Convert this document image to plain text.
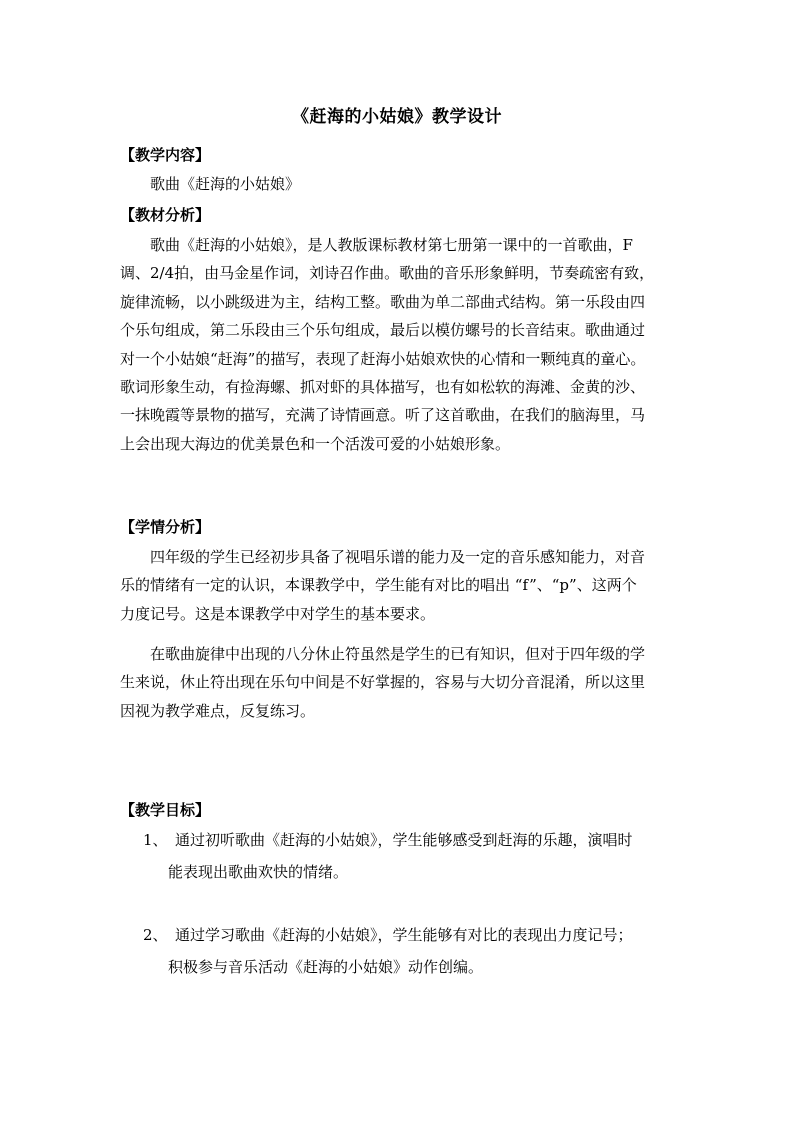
《赶海的小姑娘》教学设计
【教学内容】
歌曲《赶海的小姑娘》
【教材分析】
歌曲《赶海的小姑娘》，是人教版课标教材第七册第一课中的一首歌曲，F
调、2/4拍，由马金星作词，刘诗召作曲。歌曲的音乐形象鲜明，节奏疏密有致，
旋律流畅，以小跳级进为主，结构工整。歌曲为单二部曲式结构。第一乐段由四
个乐句组成，第二乐段由三个乐句组成，最后以模仿螺号的长音结束。歌曲通过
对一个小姑娘“赶海”的描写，表现了赶海小姑娘欢快的心情和一颗纯真的童心。
歌词形象生动，有捡海螺、抓对虾的具体描写，也有如松软的海滩、金黄的沙、
一抹晚霞等景物的描写，充满了诗情画意。听了这首歌曲，在我们的脑海里，马
上会出现大海边的优美景色和一个活泼可爱的小姑娘形象。
【学情分析】
四年级的学生已经初步具备了视唱乐谱的能力及一定的音乐感知能力，对音
乐的情绪有一定的认识，本课教学中，学生能有对比的唱出 “f”、“p”、这两个
力度记号。这是本课教学中对学生的基本要求。
在歌曲旋律中出现的八分休止符虽然是学生的已有知识，但对于四年级的学
生来说，休止符出现在乐句中间是不好掌握的，容易与大切分音混淆，所以这里
因视为教学难点，反复练习。
【教学目标】
1、 通过初听歌曲《赶海的小姑娘》，学生能够感受到赶海的乐趣，演唱时
能表现出歌曲欢快的情绪。
2、 通过学习歌曲《赶海的小姑娘》，学生能够有对比的表现出力度记号；
积极参与音乐活动《赶海的小姑娘》动作创编。
